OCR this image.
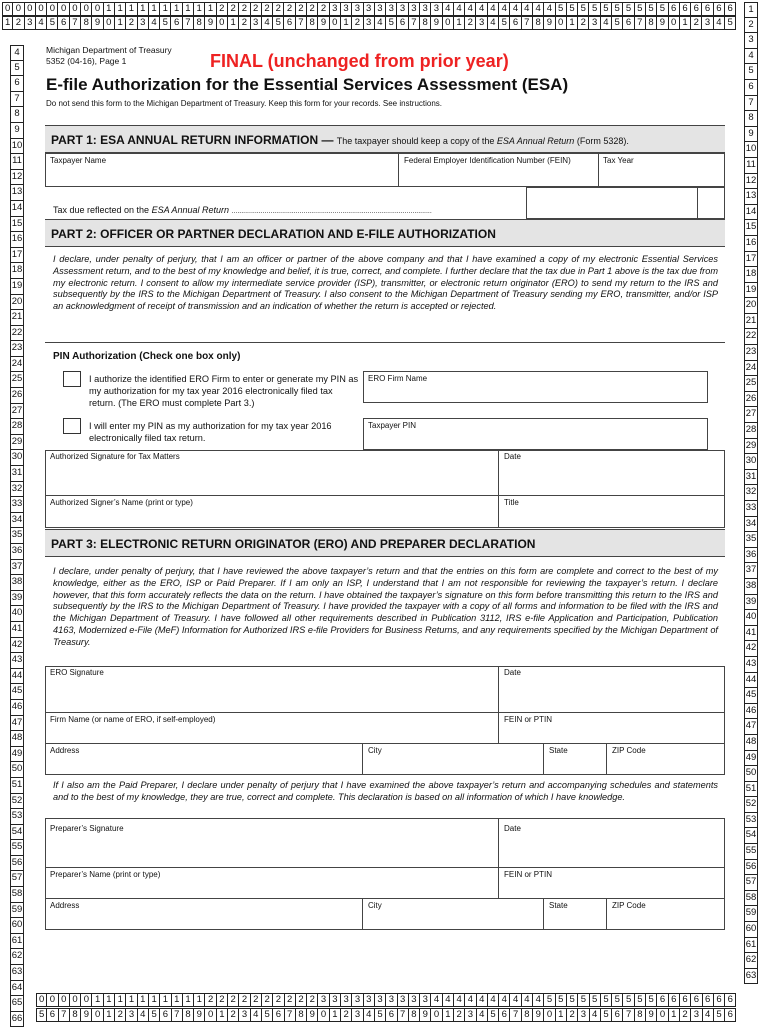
0 0 0 0 0 0 0 0 0 1 1 1 1 1 1 1 1 1 1 2 2 2 2 2 2 2 2 2 2 3 3 3 3 3 3 3 3 3 3 4 4 4 4 4 4 4 4 4 4 5 5 5 5 5 5 5 5 5 5 6 6 6 6 6 6
1 2 3 4 5 6 7 8 9 0 1 2 3 4 5 6 7 8 9 0 1 2 3 4 5 6 7 8 9 0 1 2 3 4 5 6 7 8 9 0 1 2 3 4 5 6 7 8 9 0 1 2 3 4 5 6 7 8 9 0 1 2 3 4 5
4
5
6
7
8
9
10
11
12
13
14
15
16
17
18
19
20
21
22
23
24
25
26
27
28
29
30
31
32
33
34
35
36
37
38
39
40
41
42
43
44
45
46
47
48
49
50
51
52
53
54
55
56
57
58
59
60
61
62
63
64
65
66
1
2
3
4
5
6
7
8
9
10
11
12
13
14
15
16
17
18
19
20
21
22
23
24
25
26
27
28
29
30
31
32
33
34
35
36
37
38
39
40
41
42
43
44
45
46
47
48
49
50
51
52
53
54
55
56
57
58
59
60
61
62
63
0 0 0 0 0 1 1 1 1 1 1 1 1 1 1 2 2 2 2 2 2 2 2 2 2 3 3 3 3 3 3 3 3 3 3 4 4 4 4 4 4 4 4 4 4 5 5 5 5 5 5 5 5 5 5 6 6 6 6 6 6 6
5 6 7 8 9 0 1 2 3 4 5 6 7 8 9 0 1 2 3 4 5 6 7 8 9 0 1 2 3 4 5 6 7 8 9 0 1 2 3 4 5 6 7 8 9 0 1 2 3 4 5 6 7 8 9 0 1 2 3 4 5 6
Michigan Department of Treasury
5352 (04-16), Page 1	FINAL (unchanged from prior year)
E-file Authorization for the Essential Services Assessment (ESA)
Do not send this form to the Michigan Department of Treasury. Keep this form for your records. See instructions.
PART 1: ESA ANNUAL RETURN INFORMATION — The taxpayer should keep a copy of the ESA Annual Return (Form 5328).
Taxpayer Name	Federal Employer Identification Number (FEIN)	Tax Year
Tax due reflected on the ESA Annual Return .......................................................................................................
PART 2: OFFICER OR PARTNER DECLARATION AND E-FILE AUTHORIZATION
I declare, under penalty of perjury, that I am an officer or partner of the above company and that I have examined a copy of my electronic Essential Services Assessment return, and to the best of my knowledge and belief, it is true, correct, and complete. I further declare that the tax due in Part 1 above is the tax due from my electronic return. I consent to allow my intermediate service provider (ISP), transmitter, or electronic return originator (ERO) to send my return to the IRS and subsequently by the IRS to the Michigan Department of Treasury. I also consent to the Michigan Department of Treasury sending my ERO, transmitter, and/or ISP an acknowledgment of receipt of transmission and an indication of whether the return is accepted or rejected.
PIN Authorization (Check one box only)
I authorize the identified ERO Firm to enter or generate my PIN as my authorization for my tax year 2016 electronically filed tax return. (The ERO must complete Part 3.)
ERO Firm Name
I will enter my PIN as my authorization for my tax year 2016 electronically filed tax return.
Taxpayer PIN
Authorized Signature for Tax Matters	Date
Authorized Signer’s Name (print or type)	Title
PART 3: ELECTRONIC RETURN ORIGINATOR (ERO) AND PREPARER DECLARATION
I declare, under penalty of perjury, that I have reviewed the above taxpayer’s return and that the entries on this form are complete and correct to the best of my knowledge, either as the ERO, ISP or Paid Preparer. If I am only an ISP, I understand that I am not responsible for reviewing the taxpayer’s return. I declare however, that this form accurately reflects the data on the return. I have obtained the taxpayer’s signature on this form before transmitting this return to the IRS and subsequently by the IRS to the Michigan Department of Treasury. I have provided the taxpayer with a copy of all forms and information to be filed with the IRS and the Michigan Department of Treasury. I have followed all other requirements described in Publication 3112, IRS e-file Application and Participation, Publication 4163, Modernized e-File (MeF) Information for Authorized IRS e-file Providers for Business Returns, and any requirements specified by the Michigan Department of Treasury.
ERO Signature	Date
Firm Name (or name of ERO, if self-employed)	FEIN or PTIN
Address	City	State	ZIP Code
If I also am the Paid Preparer, I declare under penalty of perjury that I have examined the above taxpayer’s return and accompanying schedules and statements and to the best of my knowledge, they are true, correct and complete. This declaration is based on all information of which I have knowledge.
Preparer’s Signature	Date
Preparer’s Name (print or type)	FEIN or PTIN
Address	City	State	ZIP Code
